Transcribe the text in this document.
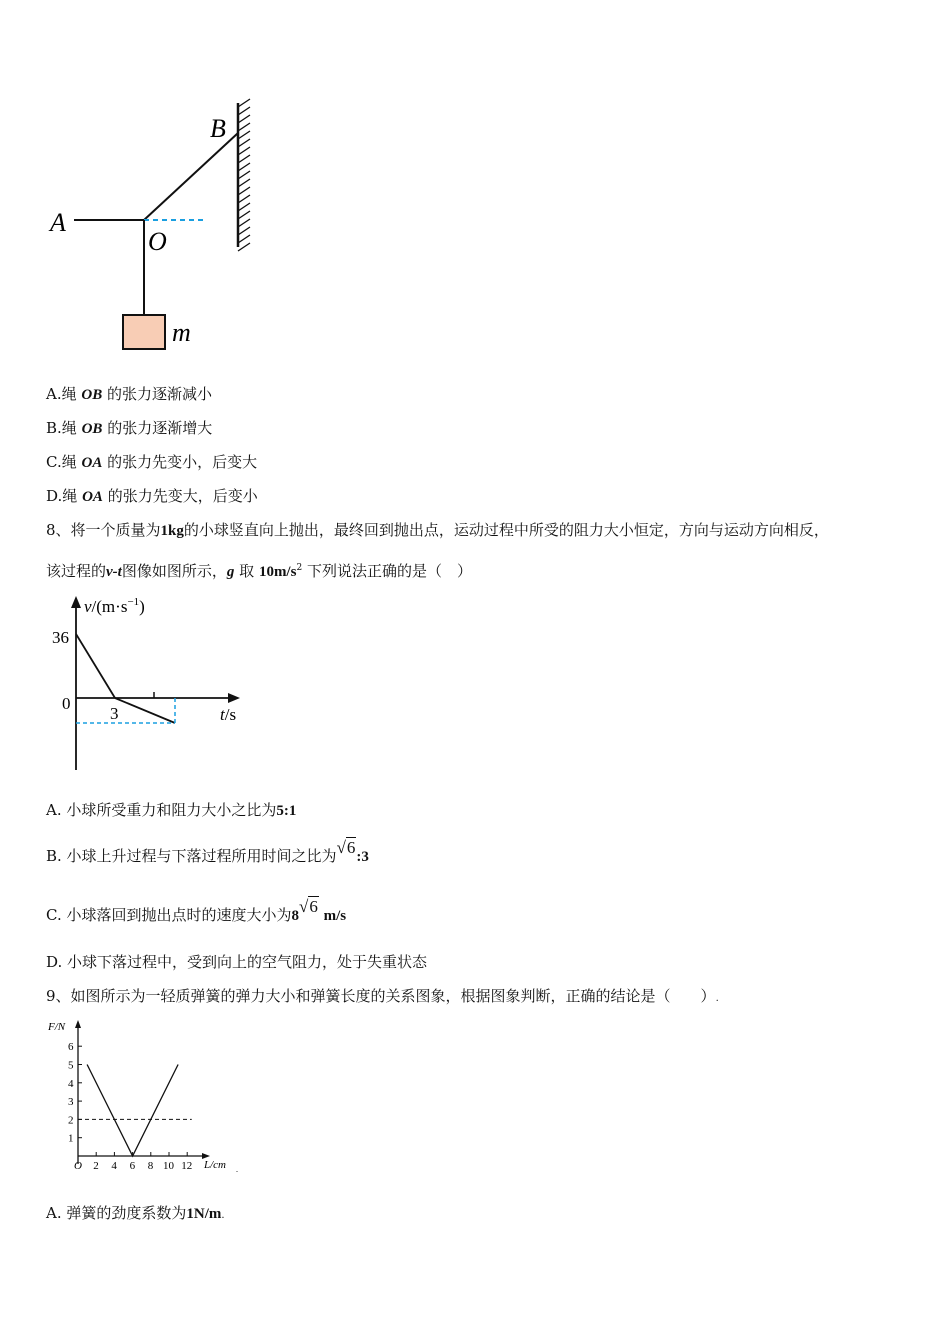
A
B
O
m
A.绳 OB 的张力逐渐减小
B.绳 OB 的张力逐渐增大
C.绳 OA 的张力先变小，后变大
D.绳 OA 的张力先变大，后变小
8、将一个质量为1kg的小球竖直向上抛出，最终回到抛出点，运动过程中所受的阻力大小恒定，方向与运动方向相反，
该过程的v-t图像如图所示，g 取 $10m/s^2$ 下列说法正确的是（　）
$v/(m\cdot s^{-1})$
36
0
3	t/s
A. 小球所受重力和阻力大小之比为5:1
B. 小球上升过程与下落过程所用时间之比为√6:3
C. 小球落回到抛出点时的速度大小为8√6 m/s
D. 小球下落过程中，受到向上的空气阻力，处于失重状态
9、如图所示为一轻质弹簧的弹力大小和弹簧长度的关系图象，根据图象判断，正确的结论是（　　）.
1
2
3
4
5
6
2 4 6 8 10 12
F/N
L/cm
O	.
A. 弹簧的劲度系数为1N/m.
